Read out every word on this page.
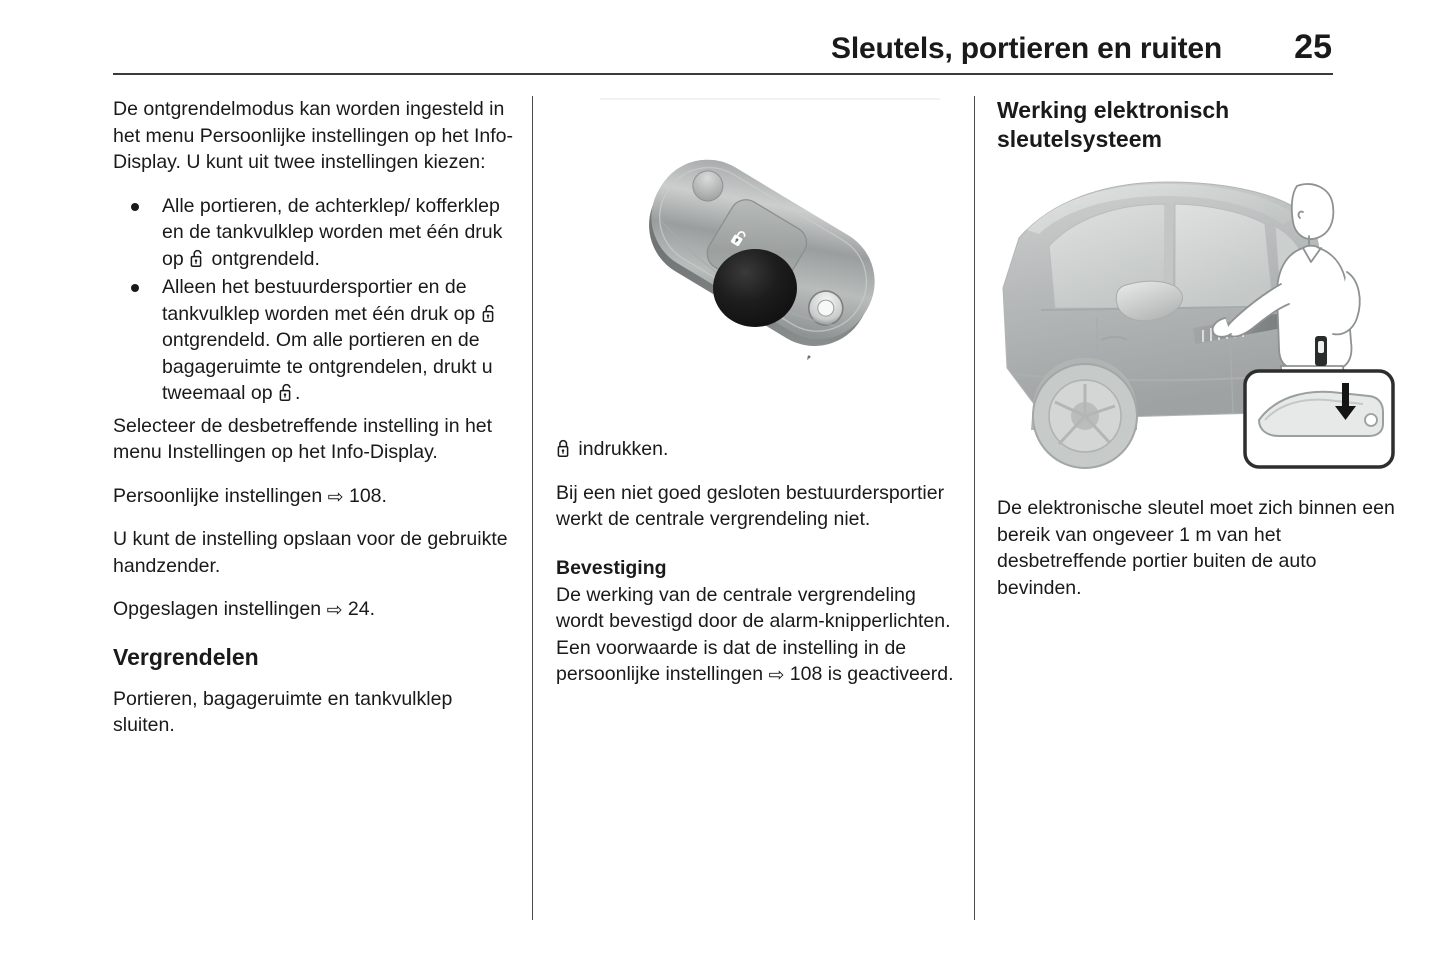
Sleutels, portieren en ruiten 25

De ontgrendelmodus kan worden ingesteld in het menu Persoonlijke instellingen op het Info-Display. U kunt uit twee instellingen kiezen:

Alle portieren, de achterklep/ kofferklep en de tankvulklep worden met één druk op
ontgrendeld.
Alleen het bestuurdersportier en de tankvulklep worden met één druk op
ontgrendeld. Om alle portieren en de bagageruimte te ontgrendelen, drukt u tweemaal op
.

Selecteer de desbetreffende instelling in het menu Instellingen op het Info-Display.

Persoonlijke instellingen ⇨ 108.

U kunt de instelling opslaan voor de gebruikte handzender.

Opgeslagen instellingen ⇨ 24.

Vergrendelen

Portieren, bagageruimte en tankvulklep sluiten.

indrukken.

Bij een niet goed gesloten bestuurdersportier werkt de centrale vergrendeling niet.

Bevestiging

De werking van de centrale vergrendeling wordt bevestigd door de alarm-knipperlichten. Een voorwaarde is dat de instelling in de persoonlijke instellingen ⇨ 108 is geactiveerd.

Werking elektronisch sleutelsysteem

De elektronische sleutel moet zich binnen een bereik van ongeveer 1 m van het desbetreffende portier buiten de auto bevinden.
